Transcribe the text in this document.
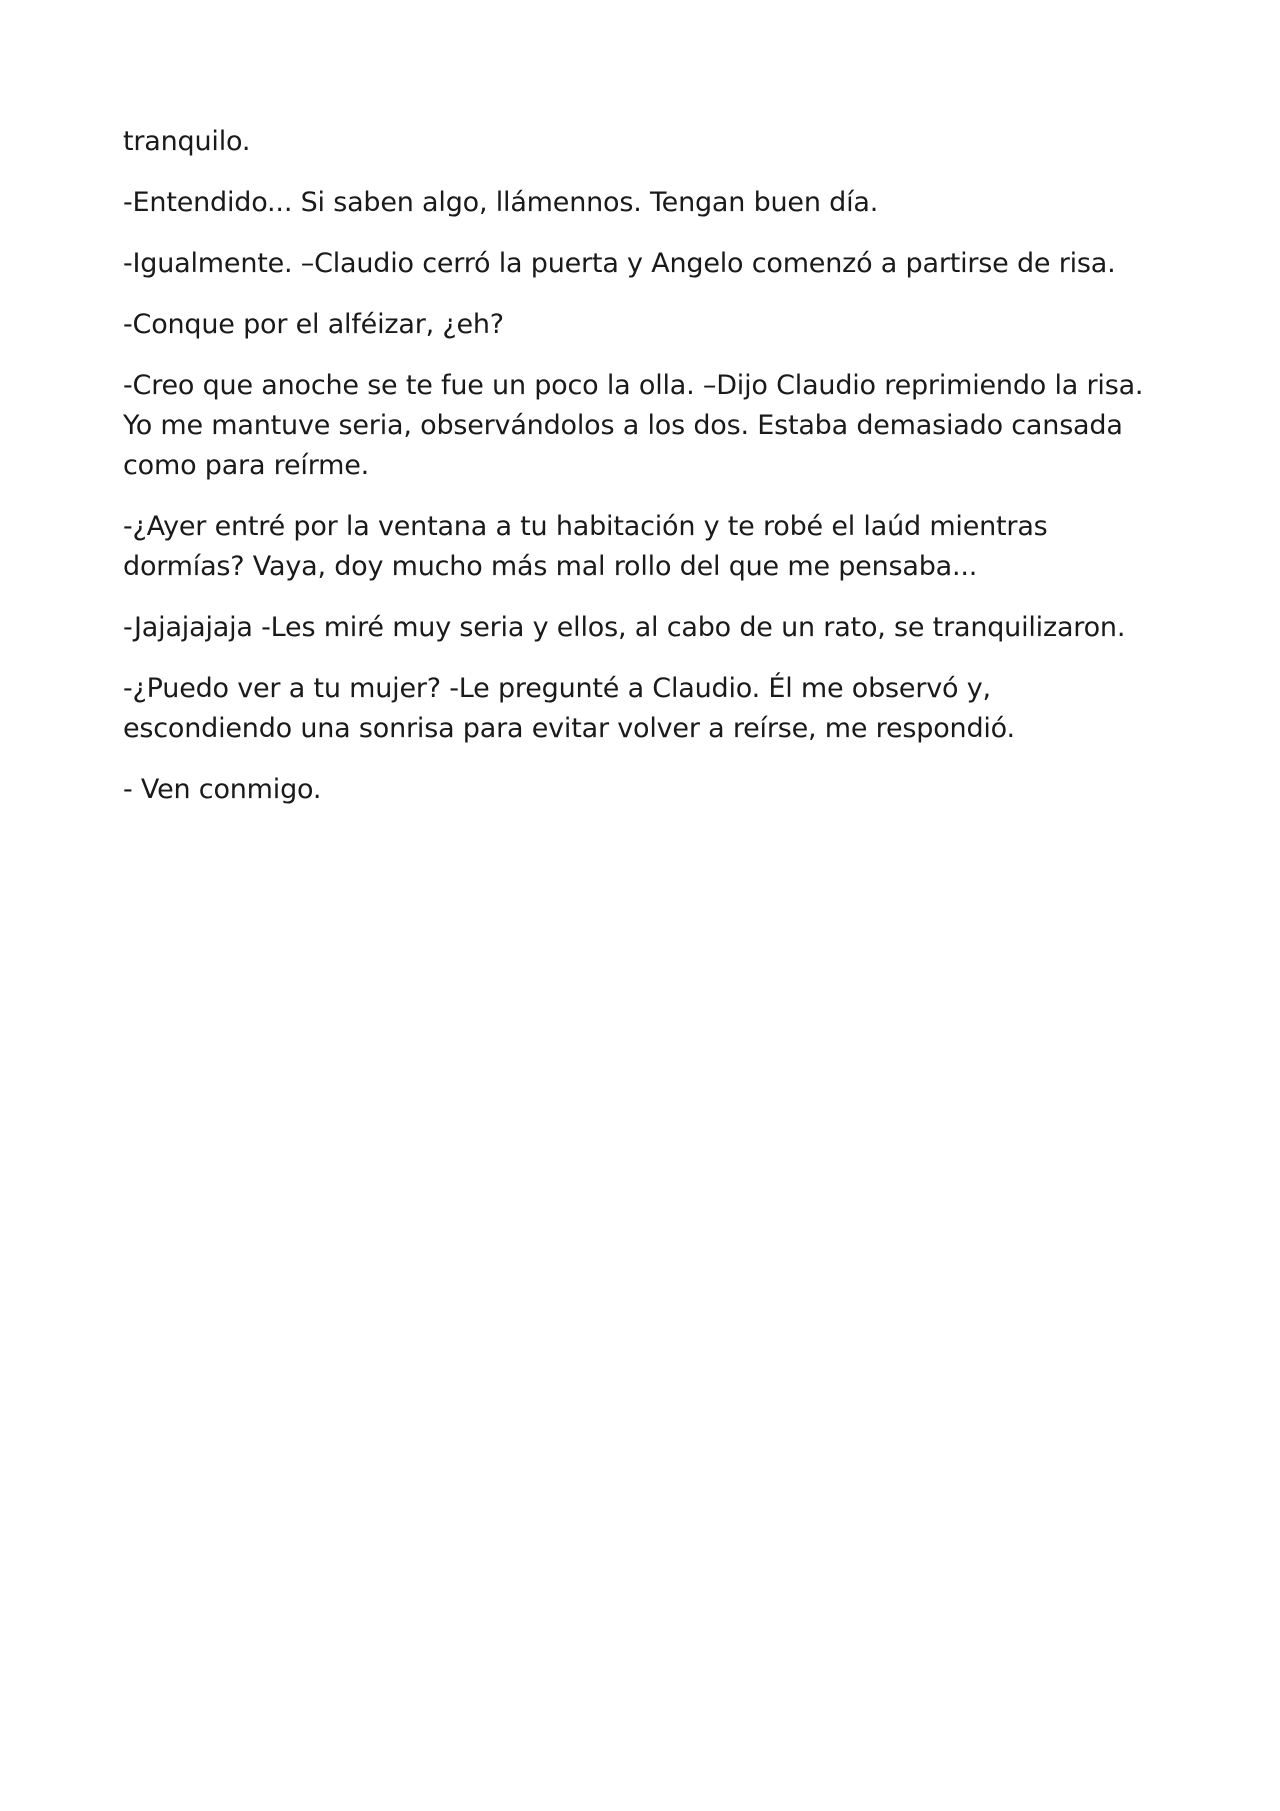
tranquilo.

-Entendido... Si saben algo, llámennos. Tengan buen día.

-Igualmente. –Claudio cerró la puerta y Angelo comenzó a partirse de risa.

-Conque por el alféizar, ¿eh?

-Creo que anoche se te fue un poco la olla. –Dijo Claudio reprimiendo la risa. Yo me mantuve seria, observándolos a los dos. Estaba demasiado cansada como para reírme.

-¿Ayer entré por la ventana a tu habitación y te robé el laúd mientras dormías? Vaya, doy mucho más mal rollo del que me pensaba...

-Jajajajaja -Les miré muy seria y ellos, al cabo de un rato, se tranquilizaron.

-¿Puedo ver a tu mujer? -Le pregunté a Claudio. Él me observó y, escondiendo una sonrisa para evitar volver a reírse, me respondió.

- Ven conmigo.
